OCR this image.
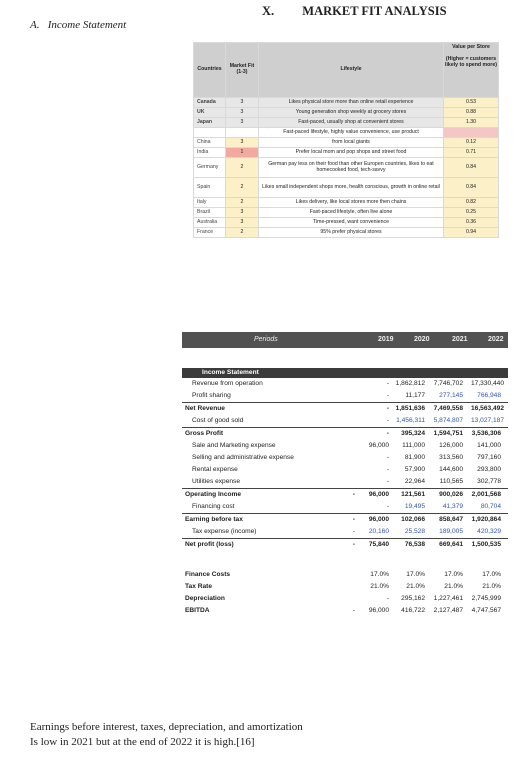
X.         MARKET FIT ANALYSIS
A.   Income Statement
Countries	Market Fit (1-3)	Lifestyle	Value per Store
(Higher = customers likely to spend more)

Canada	3	Likes physical store more than online retail experience	0.53
UK	3	Young generation shop weekly at grocery stores	0.88
Japan	3	Fast-paced, usually shop at convenient stores	1.30
		Fast-paced lifestyle, highly value convenience, use product	
China	3	from local giants	0.12
India	1	Prefer local mom and pop shops and street food	0.71
Germany	2	German pay less on their food than other Europen countries, likes to eat homecooked food, tech-savvy	0.84
Spain	2	Likes small independent shops more, health conscious, growth in online retail	0.84
Italy	2	Likes delivery, like local stores more then chains	0.82
Brazil	3	Fast-paced lifestyle, often live alone	0.25
Australia	3	Time-pressed, want convenience	0.36
France	2	95% prefer physical stores	0.94
Periods	2019	2020	2021	2022
Income Statement
Revenue from operation	- 1,862,812 7,746,702 17,330,440
Profit sharing	-	11,177	277,145	766,948
Net Revenue	- 1,851,636 7,469,558 16,563,492
Cost of good sold	- 1,456,311 5,874,807 13,027,187
Gross Profit	-	395,324 1,594,751 3,536,306
Sale and Marketing expense	96,000	111,000	126,000	141,000
Selling and administrative expense	-	81,900	313,560	797,160
Rental expense	-	57,900	144,600	293,800
Utilities expense	-	22,964	110,565	302,778
Operating Income	-	96,000	121,561	900,026 2,001,568
Financing cost	-	19,495	41,379	80,704
Earning before tax	-	96,000	102,066	858,647 1,920,864
Tax expense (income)	-	20,160	25,528	189,005	420,329
Net profit (loss)	-	75,840	76,538	669,641 1,500,535
Finance Costs	17.0%	17.0%	17.0%	17.0%
Tax Rate	21.0%	21.0%	21.0%	21.0%
Depreciation	-	295,162 1,227,461 2,745,999
EBITDA	-	96,000	416,722 2,127,487 4,747,567
Earnings before interest, taxes, depreciation, and amortization
Is low in 2021 but at the end of 2022 it is high.[16]
